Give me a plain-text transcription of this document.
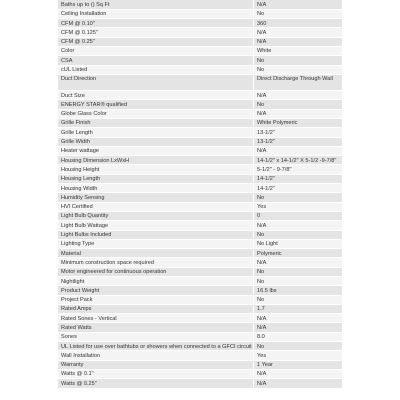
Baths up to () Sq Ft	N/A
Ceiling Installation	No
CFM @ 0.10"	360
CFM @ 0.125"	N/A
CFM @ 0.25"	N/A
Color	White
CSA	No
cUL Listed	No
Duct Direction	Direct Discharge Through Wall
Duct Size	N/A
ENERGY STAR® qualified	No
Globe Glass Color	N/A
Grille Finish	White Polymeric
Grille Length	13-1/2"
Grille Width	13-1/2"
Heater wattage	N/A
Housing Dimension LxWxH	14-1/2" x 14-1/2" X 5-1/2 -9-7/8"
Housing Height	5-1/2" - 9-7/8"
Housing Length	14-1/2"
Housing Width	14-1/2"
Humidity Sensing	No
HVI Certified	Yes
Light Bulb Quantity	0
Light Bulb Wattage	N/A
Light Bulbs Included	No
Lighting Type	No Light
Material	Polymeric
Minimum construction space required	N/A
Motor engineered for continuous operation	No
Nightlight	No
Product Weight	16.5 lbs
Project Pack	No
Rated Amps	1.7
Rated Sones - Vertical	N/A
Rated Watts	N/A
Sones	8.0
UL Listed for use over bathtubs or showers when connected to a GFCI circuit	No
Wall Installation	Yes
Warranty	1 Year
Watts @ 0.1"	N/A
Watts @ 0.25"	N/A
